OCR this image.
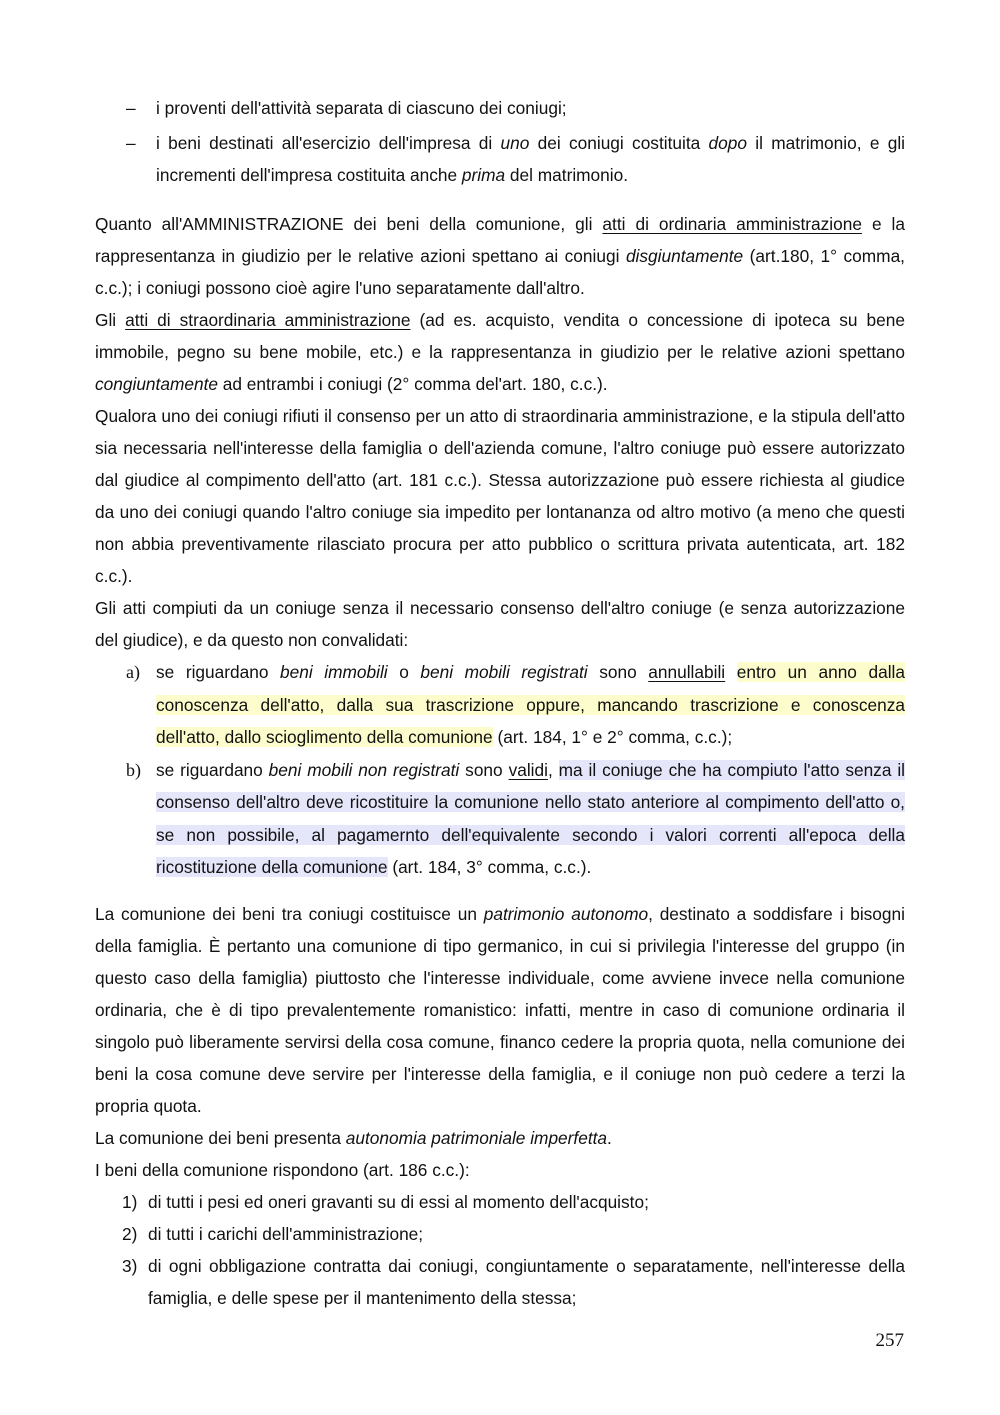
– i proventi dell'attività separata di ciascuno dei coniugi;
– i beni destinati all'esercizio dell'impresa di uno dei coniugi costituita dopo il matrimonio, e gli incrementi dell'impresa costituita anche prima del matrimonio.

Quanto all'AMMINISTRAZIONE dei beni della comunione, gli atti di ordinaria amministrazione e la rappresentanza in giudizio per le relative azioni spettano ai coniugi disgiuntamente (art.180, 1° comma, c.c.); i coniugi possono cioè agire l'uno separatamente dall'altro.

Gli atti di straordinaria amministrazione (ad es. acquisto, vendita o concessione di ipoteca su bene immobile, pegno su bene mobile, etc.) e la rappresentanza in giudizio per le relative azioni spettano congiuntamente ad entrambi i coniugi (2° comma del'art. 180, c.c.).

Qualora uno dei coniugi rifiuti il consenso per un atto di straordinaria amministrazione, e la stipula dell'atto sia necessaria nell'interesse della famiglia o dell'azienda comune, l'altro coniuge può essere autorizzato dal giudice al compimento dell'atto (art. 181 c.c.). Stessa autorizzazione può essere richiesta al giudice da uno dei coniugi quando l'altro coniuge sia impedito per lontananza od altro motivo (a meno che questi non abbia preventivamente rilasciato procura per atto pubblico o scrittura privata autenticata, art. 182 c.c.).

Gli atti compiuti da un coniuge senza il necessario consenso dell'altro coniuge (e senza autorizzazione del giudice), e da questo non convalidati:

a) se riguardano beni immobili o beni mobili registrati sono annullabili entro un anno dalla conoscenza dell'atto, dalla sua trascrizione oppure, mancando trascrizione e conoscenza dell'atto, dallo scioglimento della comunione (art. 184, 1° e 2° comma, c.c.);
b) se riguardano beni mobili non registrati sono validi, ma il coniuge che ha compiuto l'atto senza il consenso dell'altro deve ricostituire la comunione nello stato anteriore al compimento dell'atto o, se non possibile, al pagamernto dell'equivalente secondo i valori correnti all'epoca della ricostituzione della comunione (art. 184, 3° comma, c.c.).

La comunione dei beni tra coniugi costituisce un patrimonio autonomo, destinato a soddisfare i bisogni della famiglia. È pertanto una comunione di tipo germanico, in cui si privilegia l'interesse del gruppo (in questo caso della famiglia) piuttosto che l'interesse individuale, come avviene invece nella comunione ordinaria, che è di tipo prevalentemente romanistico: infatti, mentre in caso di comunione ordinaria il singolo può liberamente servirsi della cosa comune, financo cedere la propria quota, nella comunione dei beni la cosa comune deve servire per l'interesse della famiglia, e il coniuge non può cedere a terzi la propria quota.

La comunione dei beni presenta autonomia patrimoniale imperfetta.

I beni della comunione rispondono (art. 186 c.c.):

1) di tutti i pesi ed oneri gravanti su di essi al momento dell'acquisto;
2) di tutti i carichi dell'amministrazione;
3) di ogni obbligazione contratta dai coniugi, congiuntamente o separatamente, nell'interesse della famiglia, e delle spese per il mantenimento della stessa;
257
